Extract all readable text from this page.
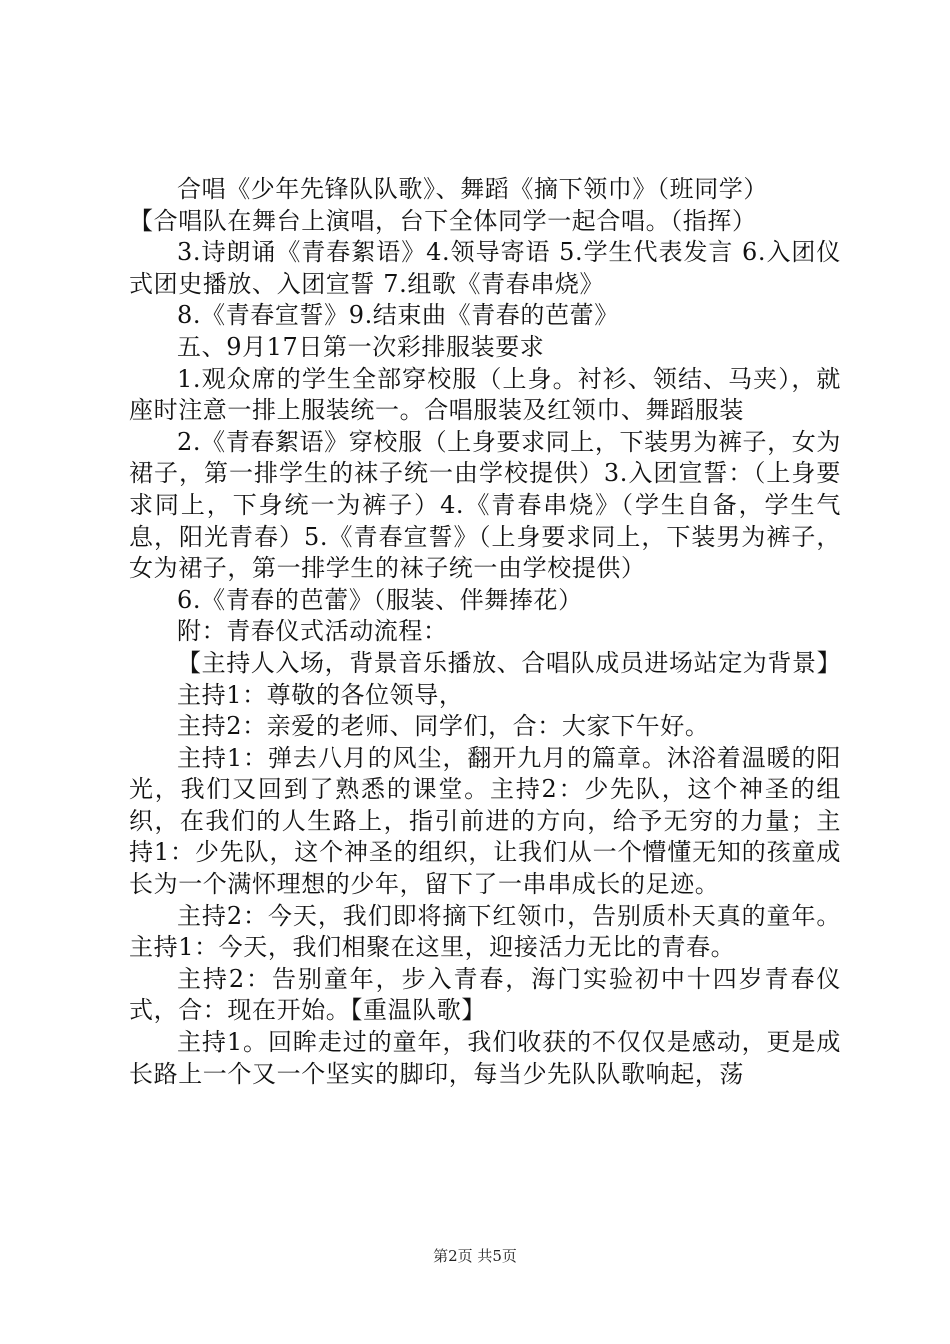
合唱《少年先锋队队歌》、舞蹈《摘下领巾》（班同学）

【合唱队在舞台上演唱，台下全体同学一起合唱。（指挥）

3.诗朗诵《青春絮语》4.领导寄语 5.学生代表发言 6.入团仪式团史播放、入团宣誓 7.组歌《青春串烧》

8.《青春宣誓》9.结束曲《青春的芭蕾》

五、9月17日第一次彩排服装要求

1.观众席的学生全部穿校服（上身。衬衫、领结、马夹），就座时注意一排上服装统一。合唱服装及红领巾、舞蹈服装

2.《青春絮语》穿校服（上身要求同上，下装男为裤子，女为裙子，第一排学生的袜子统一由学校提供）3.入团宣誓：（上身要求同上，下身统一为裤子）4.《青春串烧》（学生自备，学生气息，阳光青春）5.《青春宣誓》（上身要求同上，下装男为裤子，女为裙子，第一排学生的袜子统一由学校提供）

6.《青春的芭蕾》（服装、伴舞捧花）

附：青春仪式活动流程：

【主持人入场，背景音乐播放、合唱队成员进场站定为背景】

主持1：尊敬的各位领导，

主持2：亲爱的老师、同学们，合：大家下午好。

主持1：弹去八月的风尘，翻开九月的篇章。沐浴着温暖的阳光，我们又回到了熟悉的课堂。主持2：少先队，这个神圣的组织，在我们的人生路上，指引前进的方向，给予无穷的力量；主持1：少先队，这个神圣的组织，让我们从一个懵懂无知的孩童成长为一个满怀理想的少年，留下了一串串成长的足迹。

主持2：今天，我们即将摘下红领巾，告别质朴天真的童年。主持1：今天，我们相聚在这里，迎接活力无比的青春。

主持2：告别童年，步入青春，海门实验初中十四岁青春仪式，合：现在开始。【重温队歌】

主持1。回眸走过的童年，我们收获的不仅仅是感动，更是成长路上一个又一个坚实的脚印，每当少先队队歌响起，荡

第2页 共5页
